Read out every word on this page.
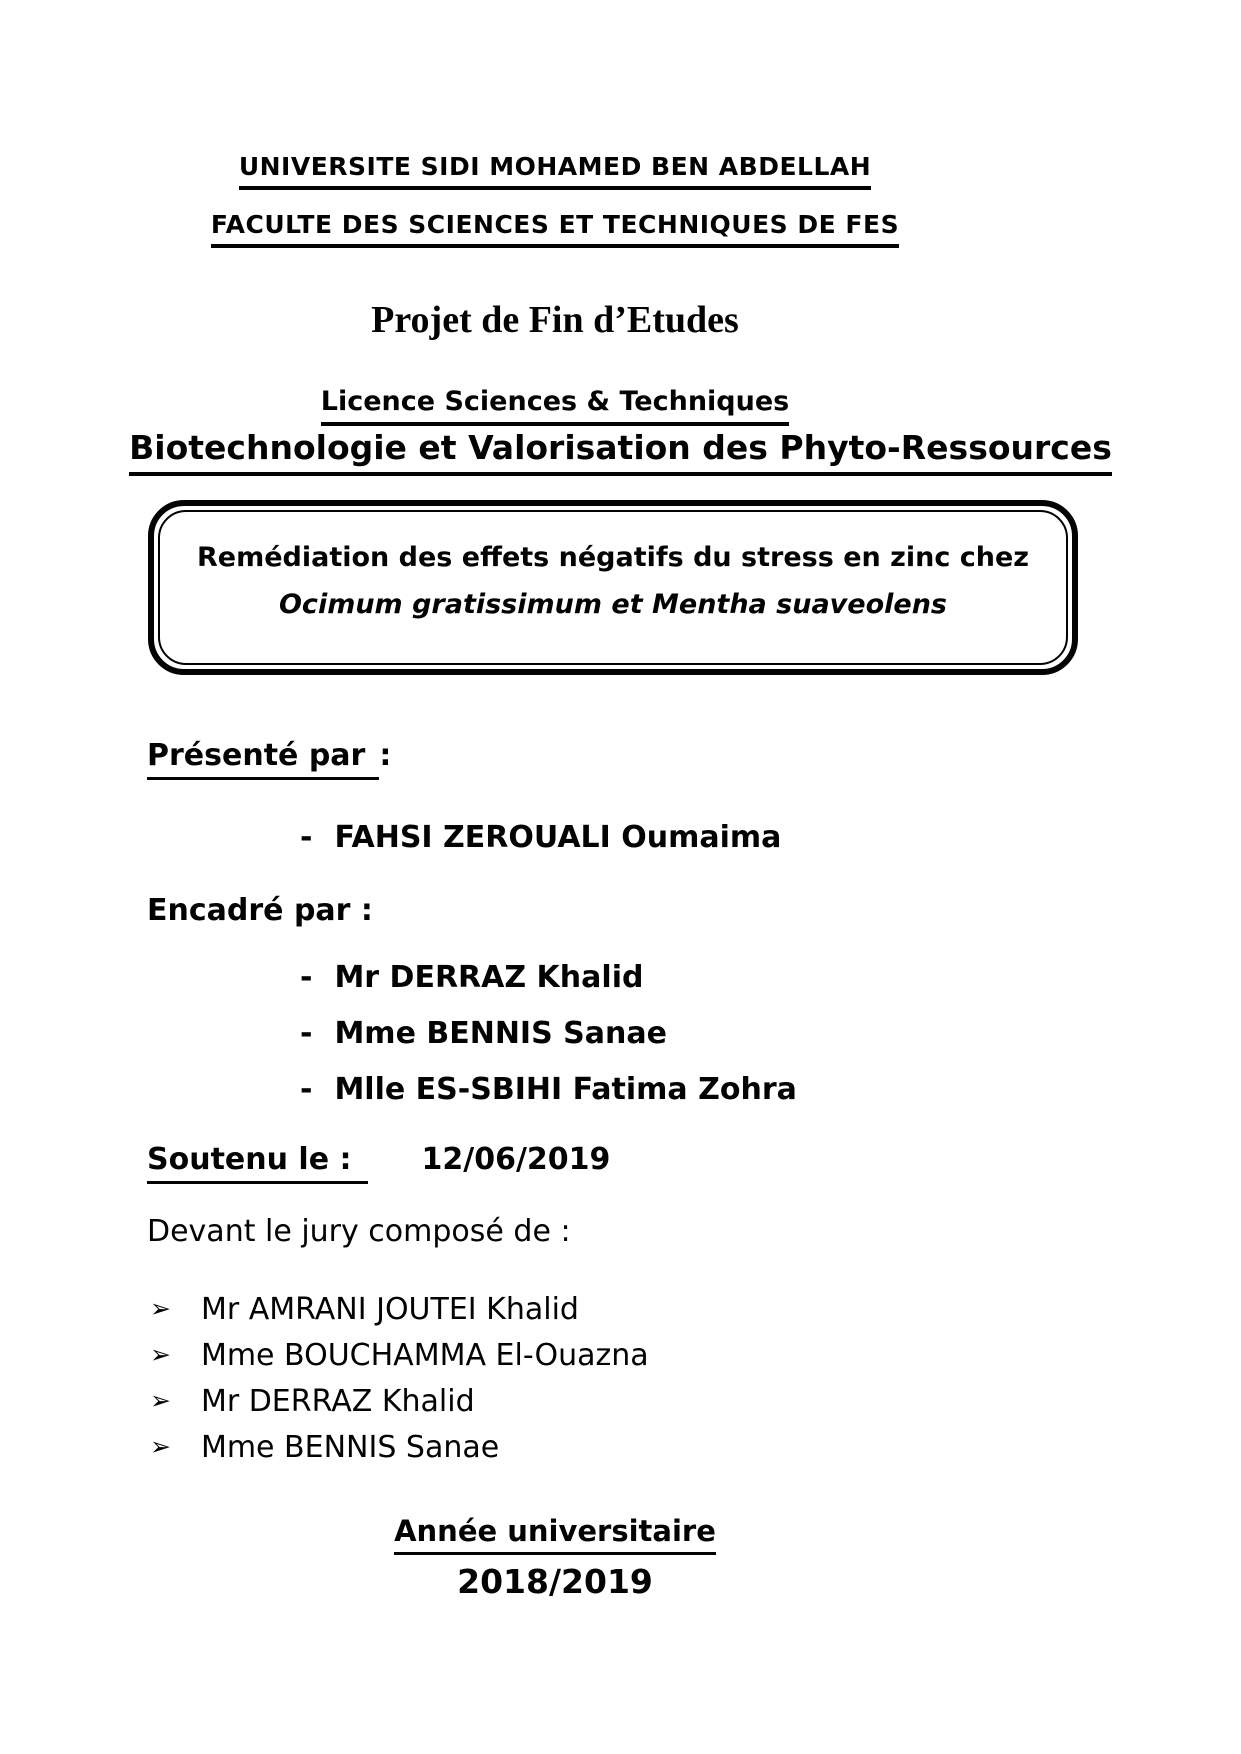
UNIVERSITE SIDI MOHAMED BEN ABDELLAH
FACULTE DES SCIENCES ET TECHNIQUES DE FES
Projet de Fin d’Etudes
Licence Sciences & Techniques
Biotechnologie et Valorisation des Phyto-Ressources
Remédiation des effets négatifs du stress en zinc chez
Ocimum gratissimum et Mentha suaveolens
Présenté par :
- FAHSI ZEROUALI Oumaima
Encadré par :
- Mr DERRAZ Khalid
- Mme BENNIS Sanae
- Mlle ES-SBIHI Fatima Zohra
Soutenu le : 12/06/2019
Devant le jury composé de :
➢ Mr AMRANI JOUTEI Khalid
➢ Mme BOUCHAMMA El-Ouazna
➢ Mr DERRAZ Khalid
➢ Mme BENNIS Sanae
Année universitaire
2018/2019
